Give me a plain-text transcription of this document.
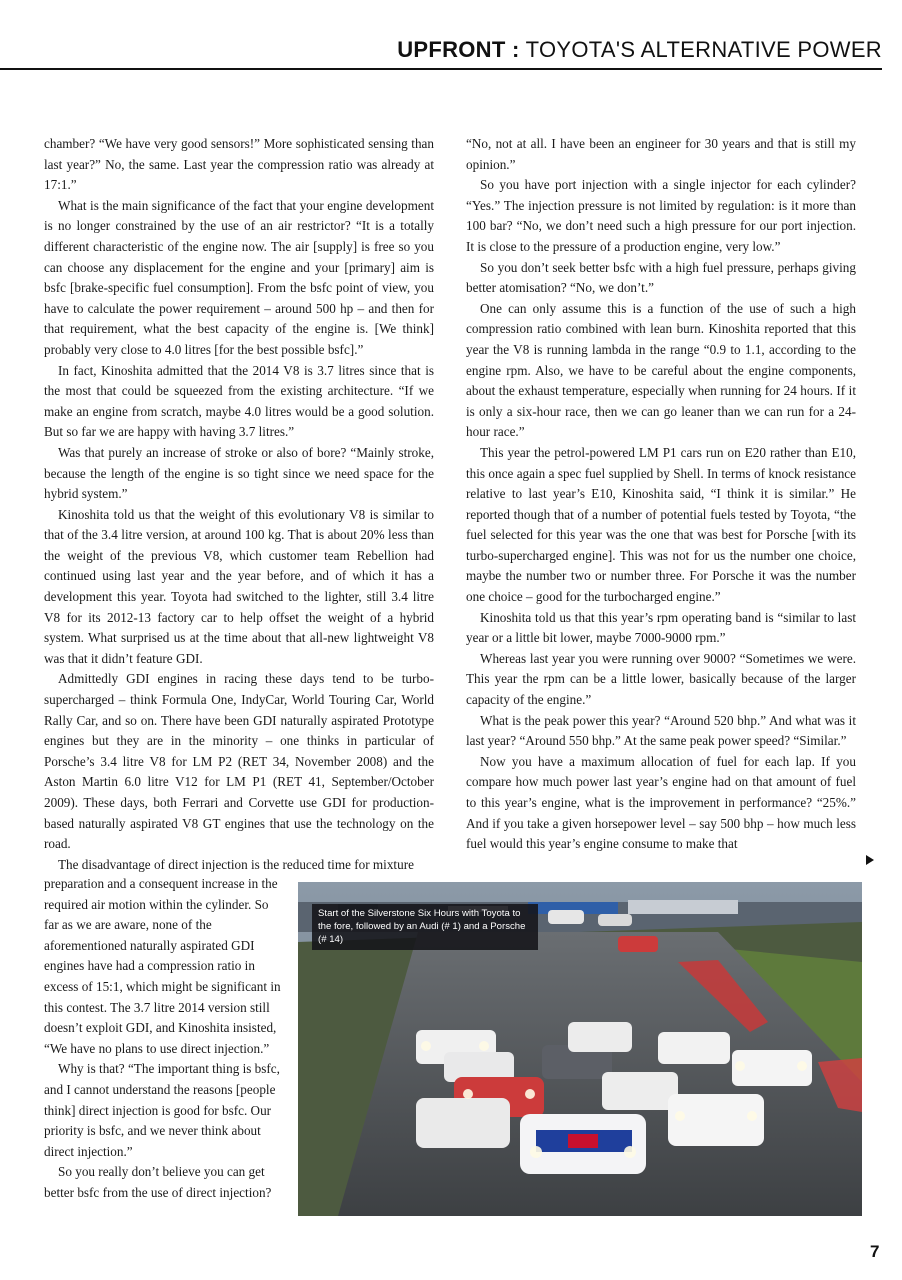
UPFRONT : TOYOTA'S ALTERNATIVE POWER

chamber? “We have very good sensors!” More sophisticated sensing than last year?” No, the same. Last year the compression ratio was already at 17:1.”

What is the main significance of the fact that your engine development is no longer constrained by the use of an air restrictor? “It is a totally different characteristic of the engine now. The air [supply] is free so you can choose any displacement for the engine and your [primary] aim is bsfc [brake-specific fuel consumption]. From the bsfc point of view, you have to calculate the power requirement – around 500 hp – and then for that requirement, what the best capacity of the engine is. [We think] probably very close to 4.0 litres [for the best possible bsfc].”

In fact, Kinoshita admitted that the 2014 V8 is 3.7 litres since that is the most that could be squeezed from the existing architecture. “If we make an engine from scratch, maybe 4.0 litres would be a good solution. But so far we are happy with having 3.7 litres.”

Was that purely an increase of stroke or also of bore? “Mainly stroke, because the length of the engine is so tight since we need space for the hybrid system.”

Kinoshita told us that the weight of this evolutionary V8 is similar to that of the 3.4 litre version, at around 100 kg. That is about 20% less than the weight of the previous V8, which customer team Rebellion had continued using last year and the year before, and of which it has a development this year. Toyota had switched to the lighter, still 3.4 litre V8 for its 2012-13 factory car to help offset the weight of a hybrid system. What surprised us at the time about that all-new lightweight V8 was that it didn’t feature GDI.

Admittedly GDI engines in racing these days tend to be turbo-supercharged – think Formula One, IndyCar, World Touring Car, World Rally Car, and so on. There have been GDI naturally aspirated Prototype engines but they are in the minority – one thinks in particular of Porsche’s 3.4 litre V8 for LM P2 (RET 34, November 2008) and the Aston Martin 6.0 litre V12 for LM P1 (RET 41, September/October 2009). These days, both Ferrari and Corvette use GDI for production-based naturally aspirated V8 GT engines that use the technology on the road.

The disadvantage of direct injection is the reduced time for mixture

preparation and a consequent increase in the required air motion within the cylinder. So far as we are aware, none of the aforementioned naturally aspirated GDI engines have had a compression ratio in excess of 15:1, which might be significant in this contest. The 3.7 litre 2014 version still doesn’t exploit GDI, and Kinoshita insisted, “We have no plans to use direct injection.”

Why is that? “The important thing is bsfc, and I cannot understand the reasons [people think] direct injection is good for bsfc. Our priority is bsfc, and we never think about direct injection.”

So you really don’t believe you can get better bsfc from the use of direct injection?

“No, not at all. I have been an engineer for 30 years and that is still my opinion.”

So you have port injection with a single injector for each cylinder? “Yes.” The injection pressure is not limited by regulation: is it more than 100 bar? “No, we don’t need such a high pressure for our port injection. It is close to the pressure of a production engine, very low.”

So you don’t seek better bsfc with a high fuel pressure, perhaps giving better atomisation? “No, we don’t.”

One can only assume this is a function of the use of such a high compression ratio combined with lean burn. Kinoshita reported that this year the V8 is running lambda in the range “0.9 to 1.1, according to the engine rpm. Also, we have to be careful about the engine components, about the exhaust temperature, especially when running for 24 hours. If it is only a six-hour race, then we can go leaner than we can run for a 24-hour race.”

This year the petrol-powered LM P1 cars run on E20 rather than E10, this once again a spec fuel supplied by Shell. In terms of knock resistance relative to last year’s E10, Kinoshita said, “I think it is similar.” He reported though that of a number of potential fuels tested by Toyota, “the fuel selected for this year was the one that was best for Porsche [with its turbo-supercharged engine]. This was not for us the number one choice, maybe the number two or number three. For Porsche it was the number one choice – good for the turbocharged engine.”

Kinoshita told us that this year’s rpm operating band is “similar to last year or a little bit lower, maybe 7000-9000 rpm.”

Whereas last year you were running over 9000? “Sometimes we were. This year the rpm can be a little lower, basically because of the larger capacity of the engine.”

What is the peak power this year? “Around 520 bhp.” And what was it last year? “Around 550 bhp.” At the same peak power speed? “Similar.”

Now you have a maximum allocation of fuel for each lap. If you compare how much power last year’s engine had on that amount of fuel to this year’s engine, what is the improvement in performance? “25%.” And if you take a given horsepower level – say 500 bhp – how much less fuel would this year’s engine consume to make that

Start of the Silverstone Six Hours with Toyota to the fore, followed by an Audi (# 1) and a Porsche (# 14)
7
